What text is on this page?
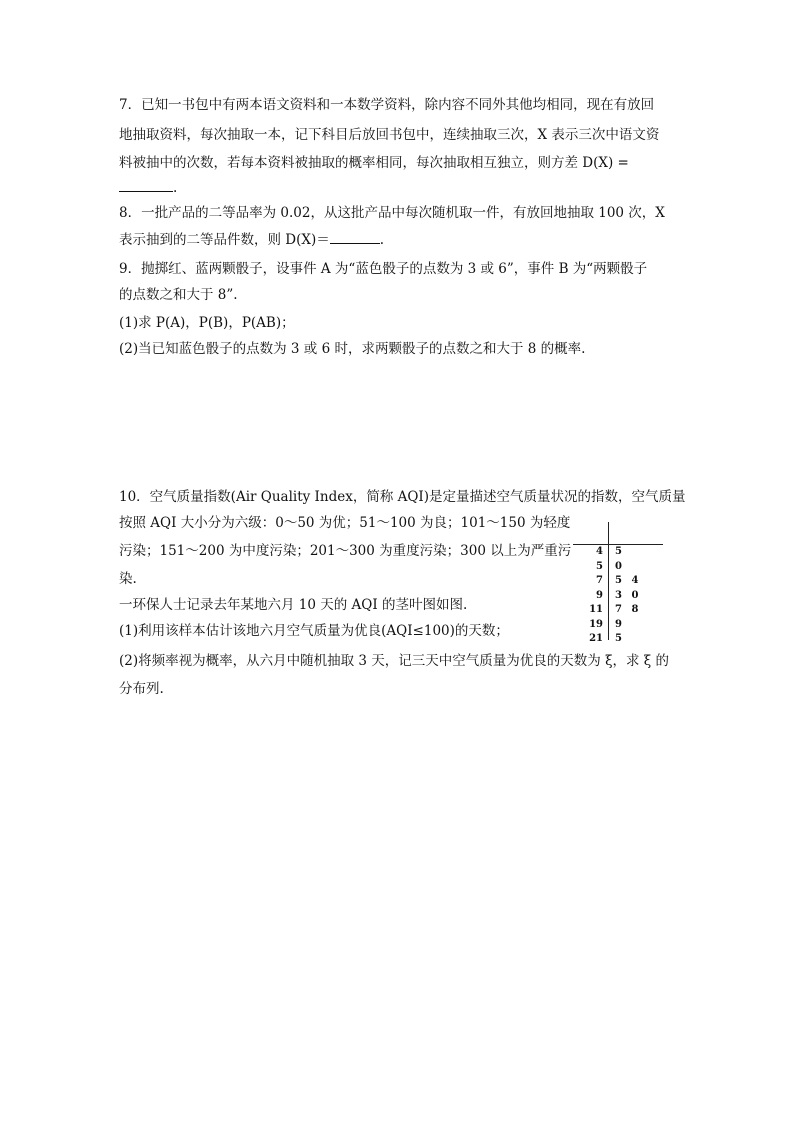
7．已知一书包中有两本语文资料和一本数学资料，除内容不同外其他均相同，现在有放回
地抽取资料，每次抽取一本，记下科目后放回书包中，连续抽取三次，X 表示三次中语文资
料被抽中的次数，若每本资料被抽取的概率相同，每次抽取相互独立，则方差 D(X) =
.
8．一批产品的二等品率为 0.02，从这批产品中每次随机取一件，有放回地抽取 100 次，X
表示抽到的二等品件数，则 D(X)＝	.
9．抛掷红、蓝两颗骰子，设事件 A 为“蓝色骰子的点数为 3 或 6”，事件 B 为“两颗骰子
的点数之和大于 8”.
(1)求 P(A)，P(B)，P(AB)；
(2)当已知蓝色骰子的点数为 3 或 6 时，求两颗骰子的点数之和大于 8 的概率.
10．空气质量指数(Air Quality Index，简称 AQI)是定量描述空气质量状况的指数，空气质量
按照 AQI 大小分为六级：0～50 为优；51～100 为良；101～150 为轻度
污染；151～200 为中度污染；201～300 为重度污染；300 以上为严重污
染.
一环保人士记录去年某地六月 10 天的 AQI 的茎叶图如图.
(1)利用该样本估计该地六月空气质量为优良(AQI≤100)的天数；
(2)将频率视为概率，从六月中随机抽取 3 天，记三天中空气质量为优良的天数为 ξ，求 ξ 的
分布列.
4 5
5 0
7 5 4
9 3 0
11 7 8
19 9
21 5
